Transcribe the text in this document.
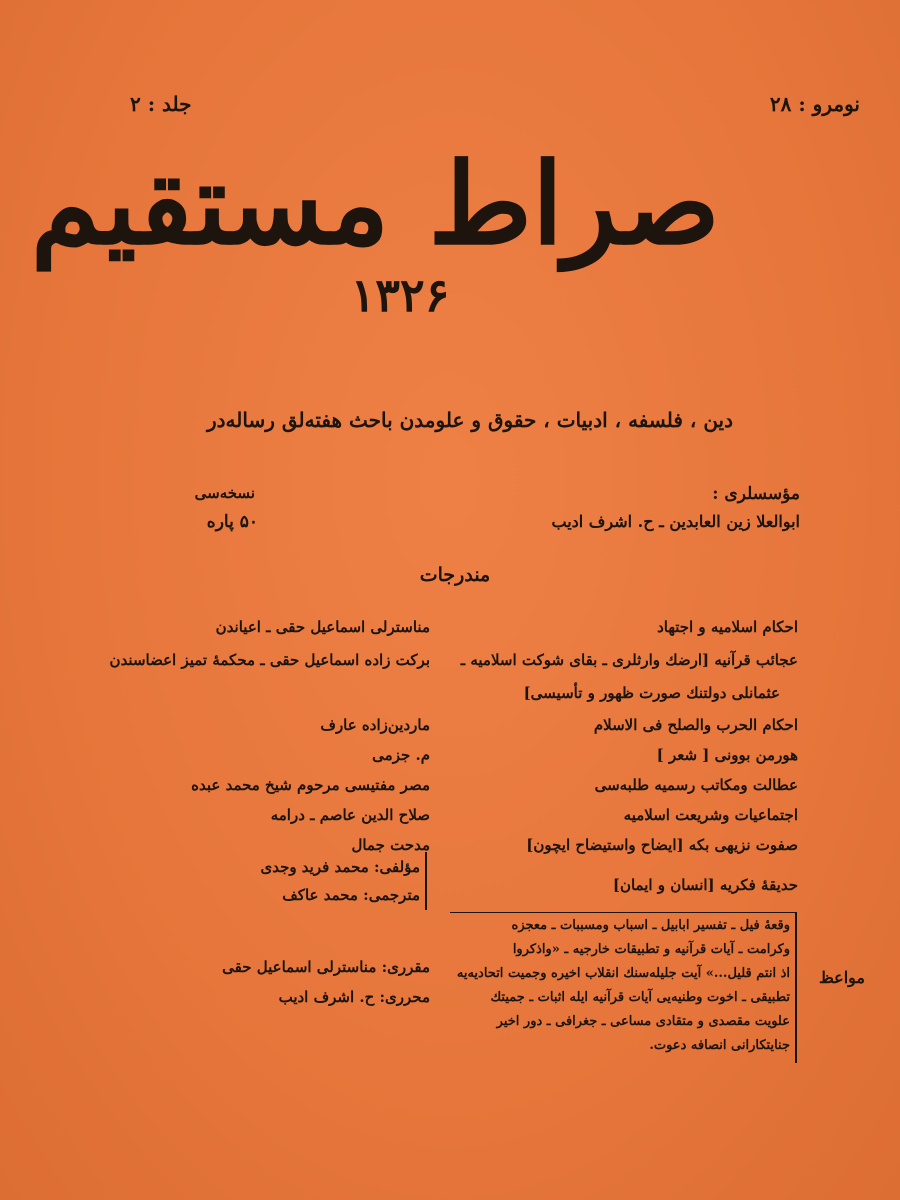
نومرو : ۲۸
جلد : ۲
صراط مستقيم
۱۳۲۶
دين ، فلسفه ، ادبيات ، حقوق و علومدن باحث هفته‌لق رساله‌در
مؤسسلرى :
ابوالعلا زين العابدين ـ ح. اشرف اديب
نسخه‌سى
۵۰ پاره
مندرجات
احكام اسلاميه و اجتهاد
مناسترلى اسماعيل حقى ـ اعياندن
عجائب قرآنيه [ارضك وارثلرى ـ بقاى شوكت اسلاميه ـ
بركت زاده اسماعيل حقى ـ محكمهٔ تميز اعضاسندن
عثمانلى دولتنك صورت ظهور و تأسيسى]
احكام الحرب والصلح فى الاسلام
ماردين‌زاده عارف
هورمن بوونى [ شعر ]
م. جزمى
عطالت ومكاتب رسميه طلبه‌سى
مصر مفتيسى مرحوم شيخ محمد عبده
اجتماعيات وشريعت اسلاميه
صلاح الدين عاصم ـ درامه
صفوت نزيهى بكه [ايضاح واستيضاح ايچون]
مدحت جمال
حديقهٔ فكريه [انسان و ايمان]
مؤلفى: محمد فريد وجدى
مترجمى: محمد عاكف
مواعظ
وقعهٔ فيل ـ تفسير ابابيل ـ اسباب ومسببات ـ معجزه
وكرامت ـ آيات قرآنيه و تطبيقات خارجيه ـ «واذكروا
اذ انتم قليل...» آيت جليله‌سنك انقلاب اخيره وجميت اتحاديه‌يه
تطبيقى ـ اخوت وطنيه‌يى آيات قرآنيه ايله اثبات ـ جميتك
علويت مقصدى و متقادى مساعى‌ ـ جغرافى ـ دور اخير
جنايتكارانى انصافه دعوت.
مقررى: مناسترلى اسماعيل حقى
محررى: ح. اشرف اديب
